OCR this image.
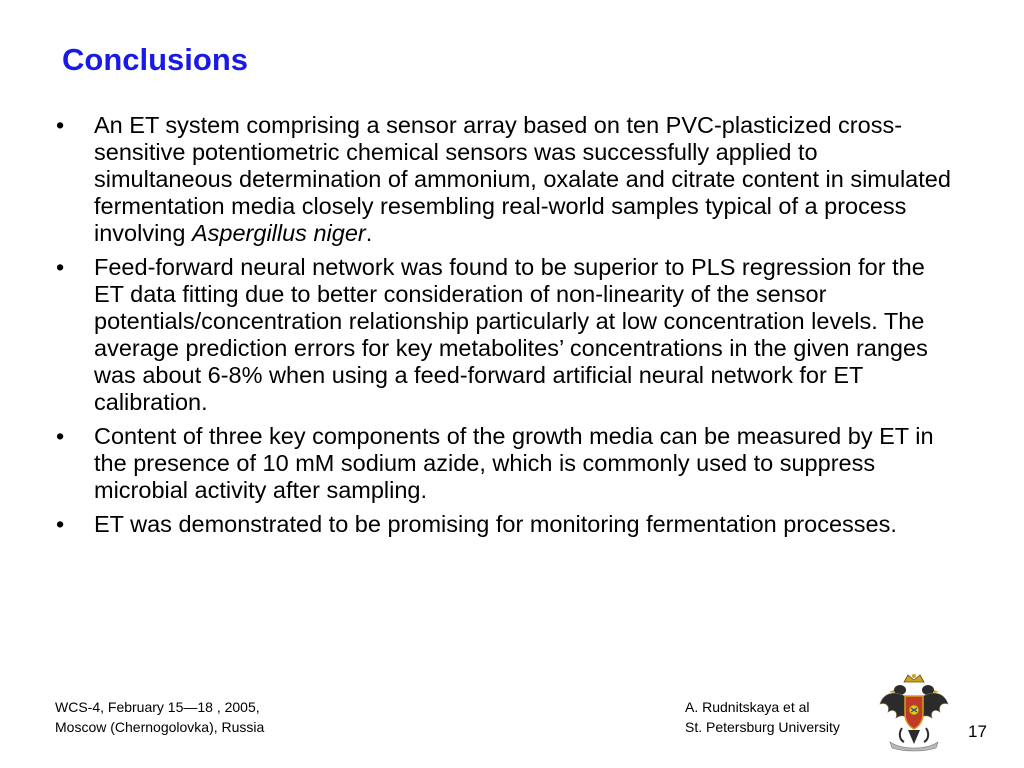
Conclusions
•	An ET system comprising a sensor array based on ten PVC-plasticized cross-sensitive potentiometric chemical sensors was successfully applied to simultaneous determination of ammonium, oxalate and citrate content in simulated fermentation media closely resembling real-world samples typical of a process involving Aspergillus niger.
•	Feed-forward neural network was found to be superior to PLS regression for the ET data fitting due to better consideration of non-linearity of the sensor potentials/concentration relationship particularly at low concentration levels. The average prediction errors for key metabolites’ concentrations in the given ranges was about 6-8% when using a feed-forward artificial neural network for ET calibration.
•	Content of three key components of the growth media can be measured by ET in the presence of 10 mM sodium azide, which is commonly used to suppress microbial activity after sampling.
•	ET was demonstrated to be promising for monitoring fermentation processes.
WCS-4, February 15—18 , 2005,
Moscow (Chernogolovka), Russia
A. Rudnitskaya et al
St. Petersburg University	17
